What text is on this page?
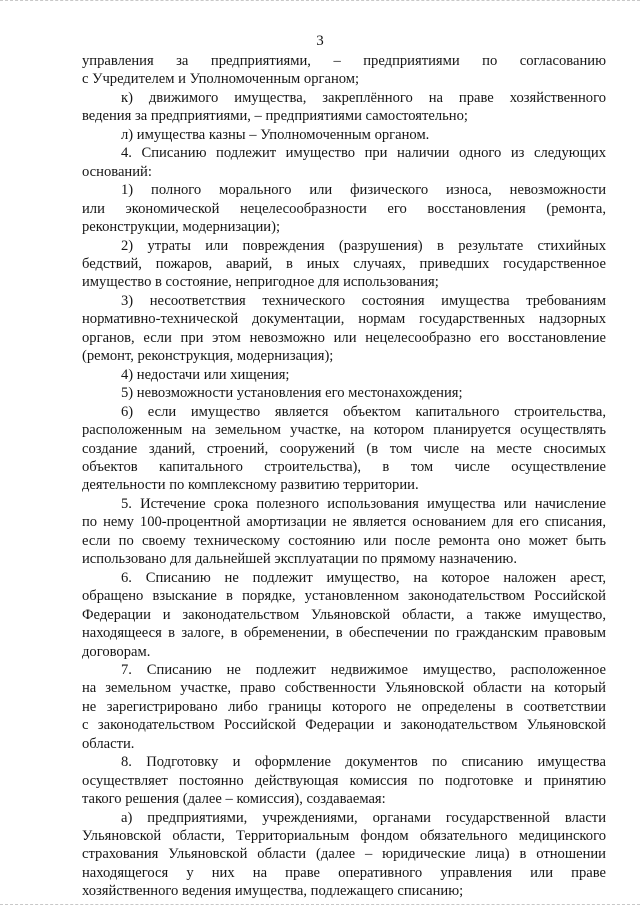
3
управления за предприятиями, – предприятиями по согласованию
с Учредителем и Уполномоченным органом;
к) движимого имущества, закреплённого на праве хозяйственного
ведения за предприятиями, – предприятиями самостоятельно;
л) имущества казны – Уполномоченным органом.
4. Списанию подлежит имущество при наличии одного из следующих
оснований:
1) полного морального или физического износа, невозможности
или экономической нецелесообразности его восстановления (ремонта,
реконструкции, модернизации);
2) утраты или повреждения (разрушения) в результате стихийных
бедствий, пожаров, аварий, в иных случаях, приведших государственное
имущество в состояние, непригодное для использования;
3) несоответствия технического состояния имущества требованиям
нормативно-технической документации, нормам государственных надзорных
органов, если при этом невозможно или нецелесообразно его восстановление
(ремонт, реконструкция, модернизация);
4) недостачи или хищения;
5) невозможности установления его местонахождения;
6) если имущество является объектом капитального строительства,
расположенным на земельном участке, на котором планируется осуществлять
создание зданий, строений, сооружений (в том числе на месте сносимых
объектов капитального строительства), в том числе осуществление
деятельности по комплексному развитию территории.
5. Истечение срока полезного использования имущества или начисление
по нему 100-процентной амортизации не является основанием для его списания,
если по своему техническому состоянию или после ремонта оно может быть
использовано для дальнейшей эксплуатации по прямому назначению.
6. Списанию не подлежит имущество, на которое наложен арест,
обращено взыскание в порядке, установленном законодательством Российской
Федерации и законодательством Ульяновской области, а также имущество,
находящееся в залоге, в обременении, в обеспечении по гражданским правовым
договорам.
7. Списанию не подлежит недвижимое имущество, расположенное
на земельном участке, право собственности Ульяновской области на который
не зарегистрировано либо границы которого не определены в соответствии
с законодательством Российской Федерации и законодательством Ульяновской
области.
8. Подготовку и оформление документов по списанию имущества
осуществляет постоянно действующая комиссия по подготовке и принятию
такого решения (далее – комиссия), создаваемая:
а) предприятиями, учреждениями, органами государственной власти
Ульяновской области, Территориальным фондом обязательного медицинского
страхования Ульяновской области (далее – юридические лица) в отношении
находящегося у них на праве оперативного управления или праве
хозяйственного ведения имущества, подлежащего списанию;
